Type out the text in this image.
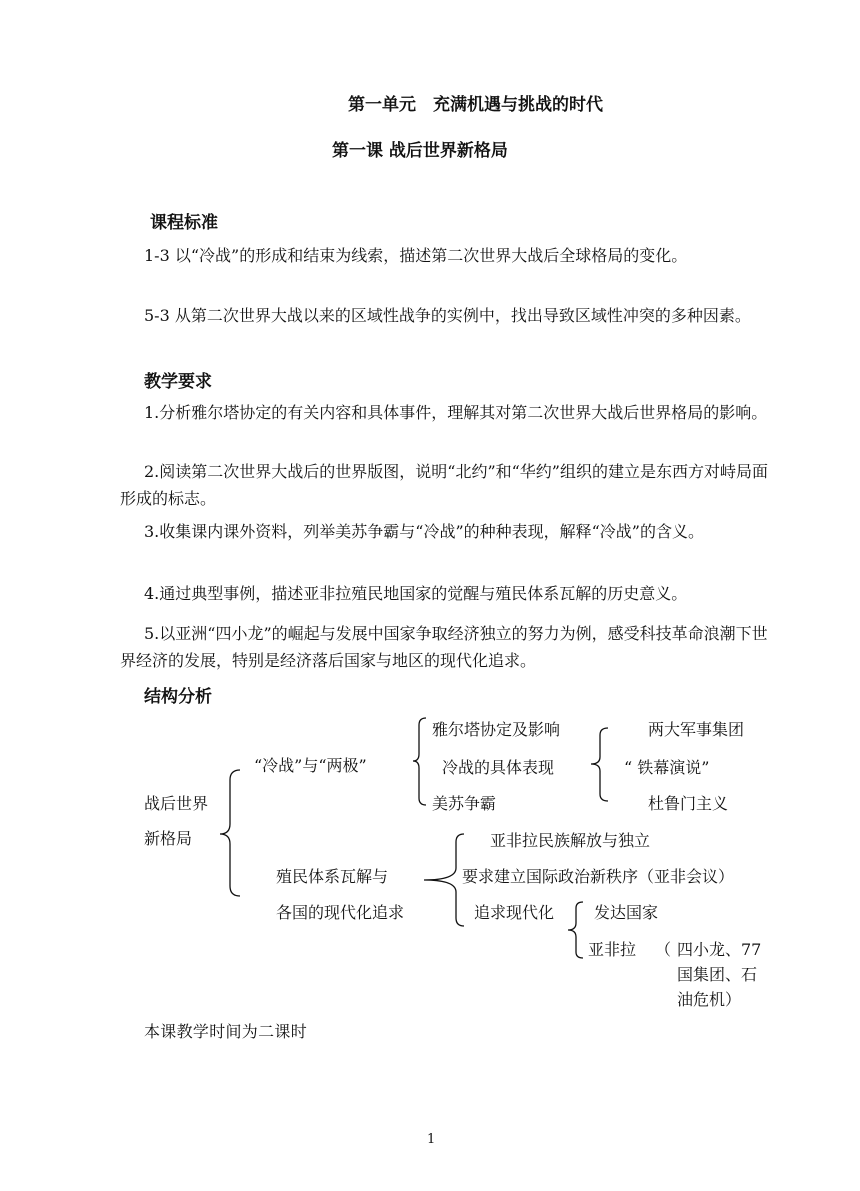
第一单元　充满机遇与挑战的时代
第一课 战后世界新格局
课程标准
1-3 以“冷战”的形成和结束为线索，描述第二次世界大战后全球格局的变化。
5-3 从第二次世界大战以来的区域性战争的实例中，找出导致区域性冲突的多种因素。
教学要求
1.分析雅尔塔协定的有关内容和具体事件，理解其对第二次世界大战后世界格局的影响。
2.阅读第二次世界大战后的世界版图，说明“北约”和“华约”组织的建立是东西方对峙局面形成的标志。
3.收集课内课外资料，列举美苏争霸与“冷战”的种种表现，解释“冷战”的含义。
4.通过典型事例，描述亚非拉殖民地国家的觉醒与殖民体系瓦解的历史意义。
5.以亚洲“四小龙”的崛起与发展中国家争取经济独立的努力为例，感受科技革命浪潮下世界经济的发展，特别是经济落后国家与地区的现代化追求。
结构分析
战后世界
新格局
“冷战”与“两极”
雅尔塔协定及影响
冷战的具体表现
美苏争霸
两大军事集团
“ 铁幕演说”
杜鲁门主义
殖民体系瓦解与
各国的现代化追求
亚非拉民族解放与独立
要求建立国际政治新秩序（亚非会议）
追求现代化 发达国家
亚非拉 （ 四小龙、77
国集团、石
油危机）
本课教学时间为二课时
1
